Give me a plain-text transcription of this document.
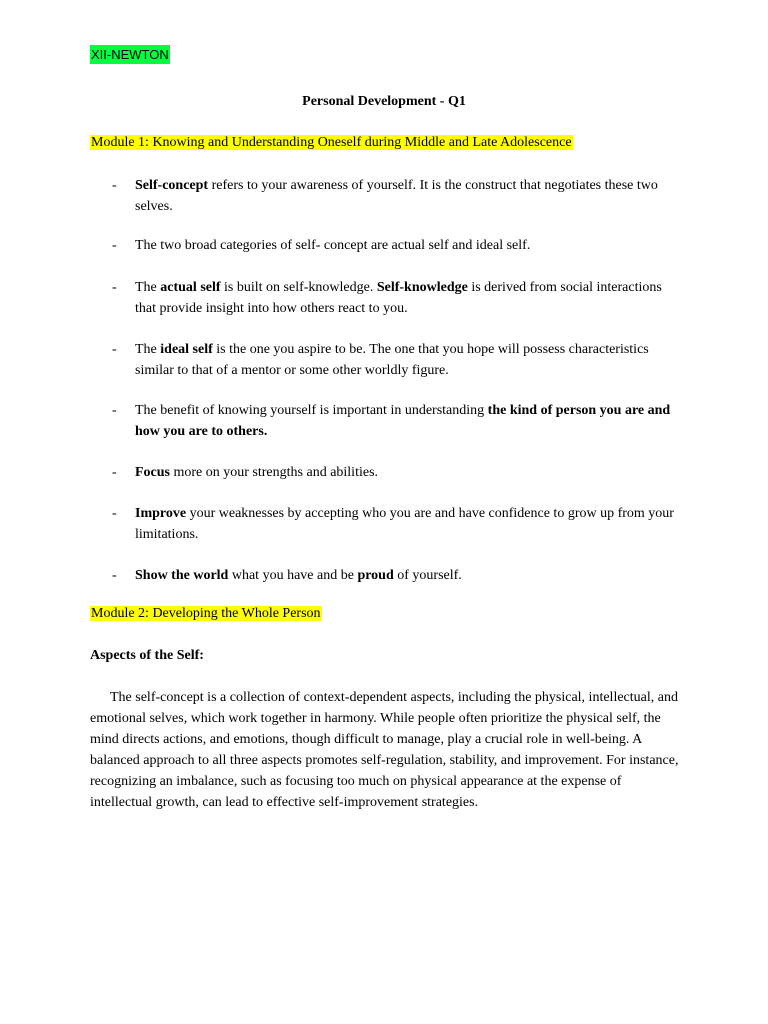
XII-NEWTON
Personal Development - Q1
Module 1: Knowing and Understanding Oneself during Middle and Late Adolescence
- Self-concept refers to your awareness of yourself. It is the construct that negotiates these two selves.
- The two broad categories of self- concept are actual self and ideal self.
- The actual self is built on self-knowledge. Self-knowledge is derived from social interactions that provide insight into how others react to you.
- The ideal self is the one you aspire to be. The one that you hope will possess characteristics similar to that of a mentor or some other worldly figure.
- The benefit of knowing yourself is important in understanding the kind of person you are and how you are to others.
- Focus more on your strengths and abilities.
- Improve your weaknesses by accepting who you are and have confidence to grow up from your limitations.
- Show the world what you have and be proud of yourself.
Module 2: Developing the Whole Person
Aspects of the Self:
The self-concept is a collection of context-dependent aspects, including the physical, intellectual, and emotional selves, which work together in harmony. While people often prioritize the physical self, the mind directs actions, and emotions, though difficult to manage, play a crucial role in well-being. A balanced approach to all three aspects promotes self-regulation, stability, and improvement. For instance, recognizing an imbalance, such as focusing too much on physical appearance at the expense of intellectual growth, can lead to effective self-improvement strategies.
